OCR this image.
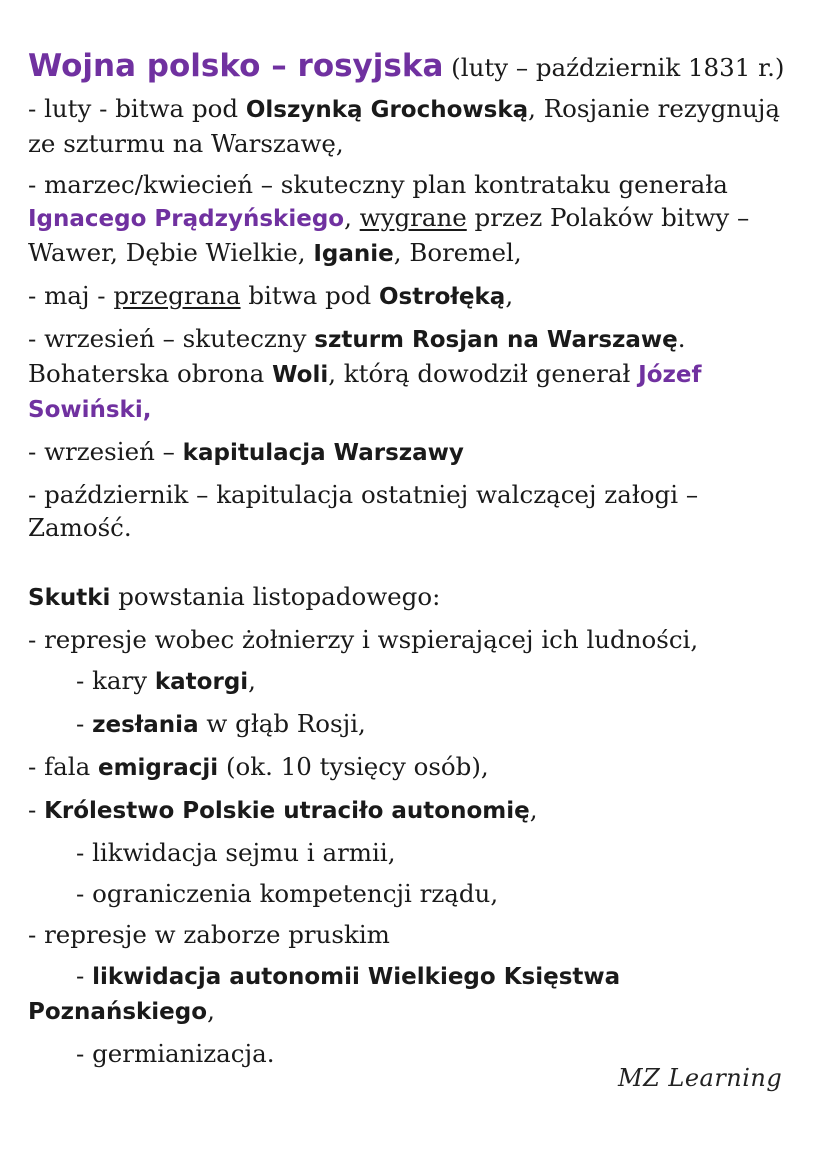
Wojna polsko – rosyjska (luty – październik 1831 r.)
- luty - bitwa pod Olszynką Grochowską, Rosjanie rezygnują ze szturmu na Warszawę,
- marzec/kwiecień – skuteczny plan kontrataku generała Ignacego Prądzyńskiego, wygrane przez Polaków bitwy – Wawer, Dębie Wielkie, Iganie, Boremel,
- maj - przegrana bitwa pod Ostrołęką,
- wrzesień – skuteczny szturm Rosjan na Warszawę. Bohaterska obrona Woli, którą dowodził generał Józef Sowiński,
- wrzesień – kapitulacja Warszawy
- październik – kapitulacja ostatniej walczącej załogi – Zamość.
Skutki powstania listopadowego:
- represje wobec żołnierzy i wspierającej ich ludności,
- kary katorgi,
- zesłania w głąb Rosji,
- fala emigracji (ok. 10 tysięcy osób),
- Królestwo Polskie utraciło autonomię,
- likwidacja sejmu i armii,
- ograniczenia kompetencji rządu,
- represje w zaborze pruskim
- likwidacja autonomii Wielkiego Księstwa Poznańskiego,
- germianizacja.
MZ Learning
